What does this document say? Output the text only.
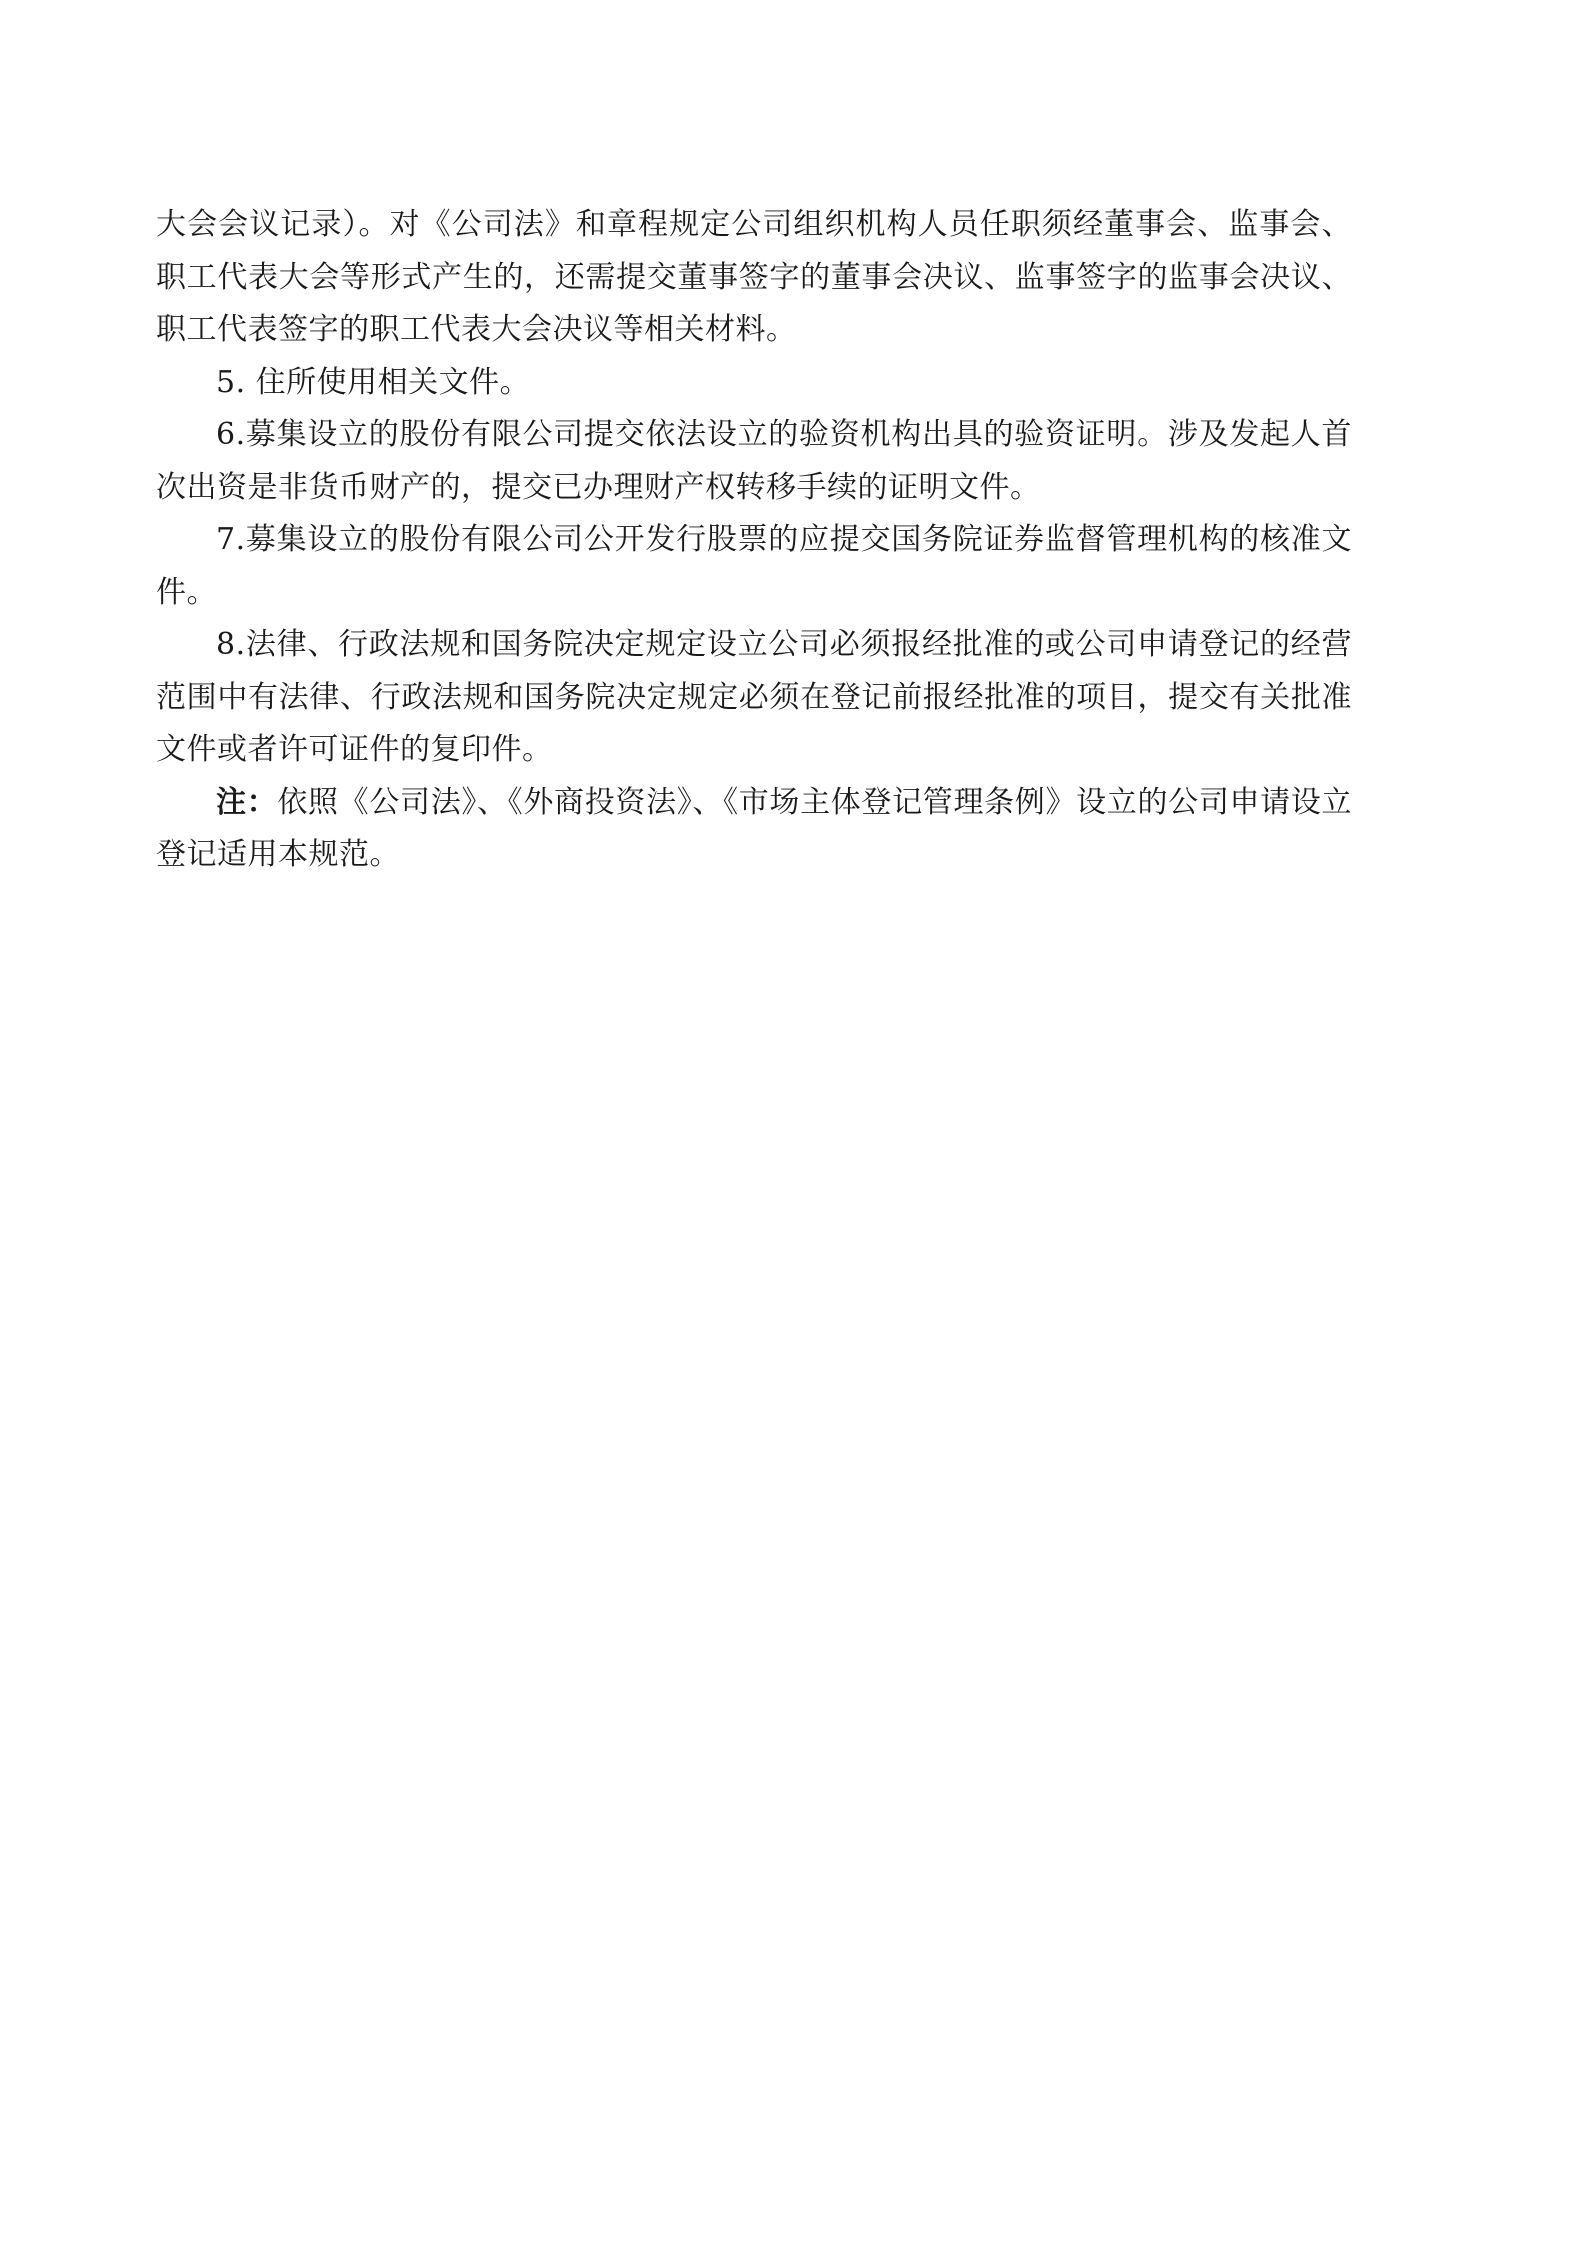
大会会议记录）。对《公司法》和章程规定公司组织机构人员任职须经董事会、监事会、职工代表大会等形式产生的，还需提交董事签字的董事会决议、监事签字的监事会决议、职工代表签字的职工代表大会决议等相关材料。

5. 住所使用相关文件。

6.募集设立的股份有限公司提交依法设立的验资机构出具的验资证明。涉及发起人首次出资是非货币财产的，提交已办理财产权转移手续的证明文件。

7.募集设立的股份有限公司公开发行股票的应提交国务院证券监督管理机构的核准文件。

8.法律、行政法规和国务院决定规定设立公司必须报经批准的或公司申请登记的经营范围中有法律、行政法规和国务院决定规定必须在登记前报经批准的项目，提交有关批准文件或者许可证件的复印件。

注：依照《公司法》、《外商投资法》、《市场主体登记管理条例》设立的公司申请设立登记适用本规范。
